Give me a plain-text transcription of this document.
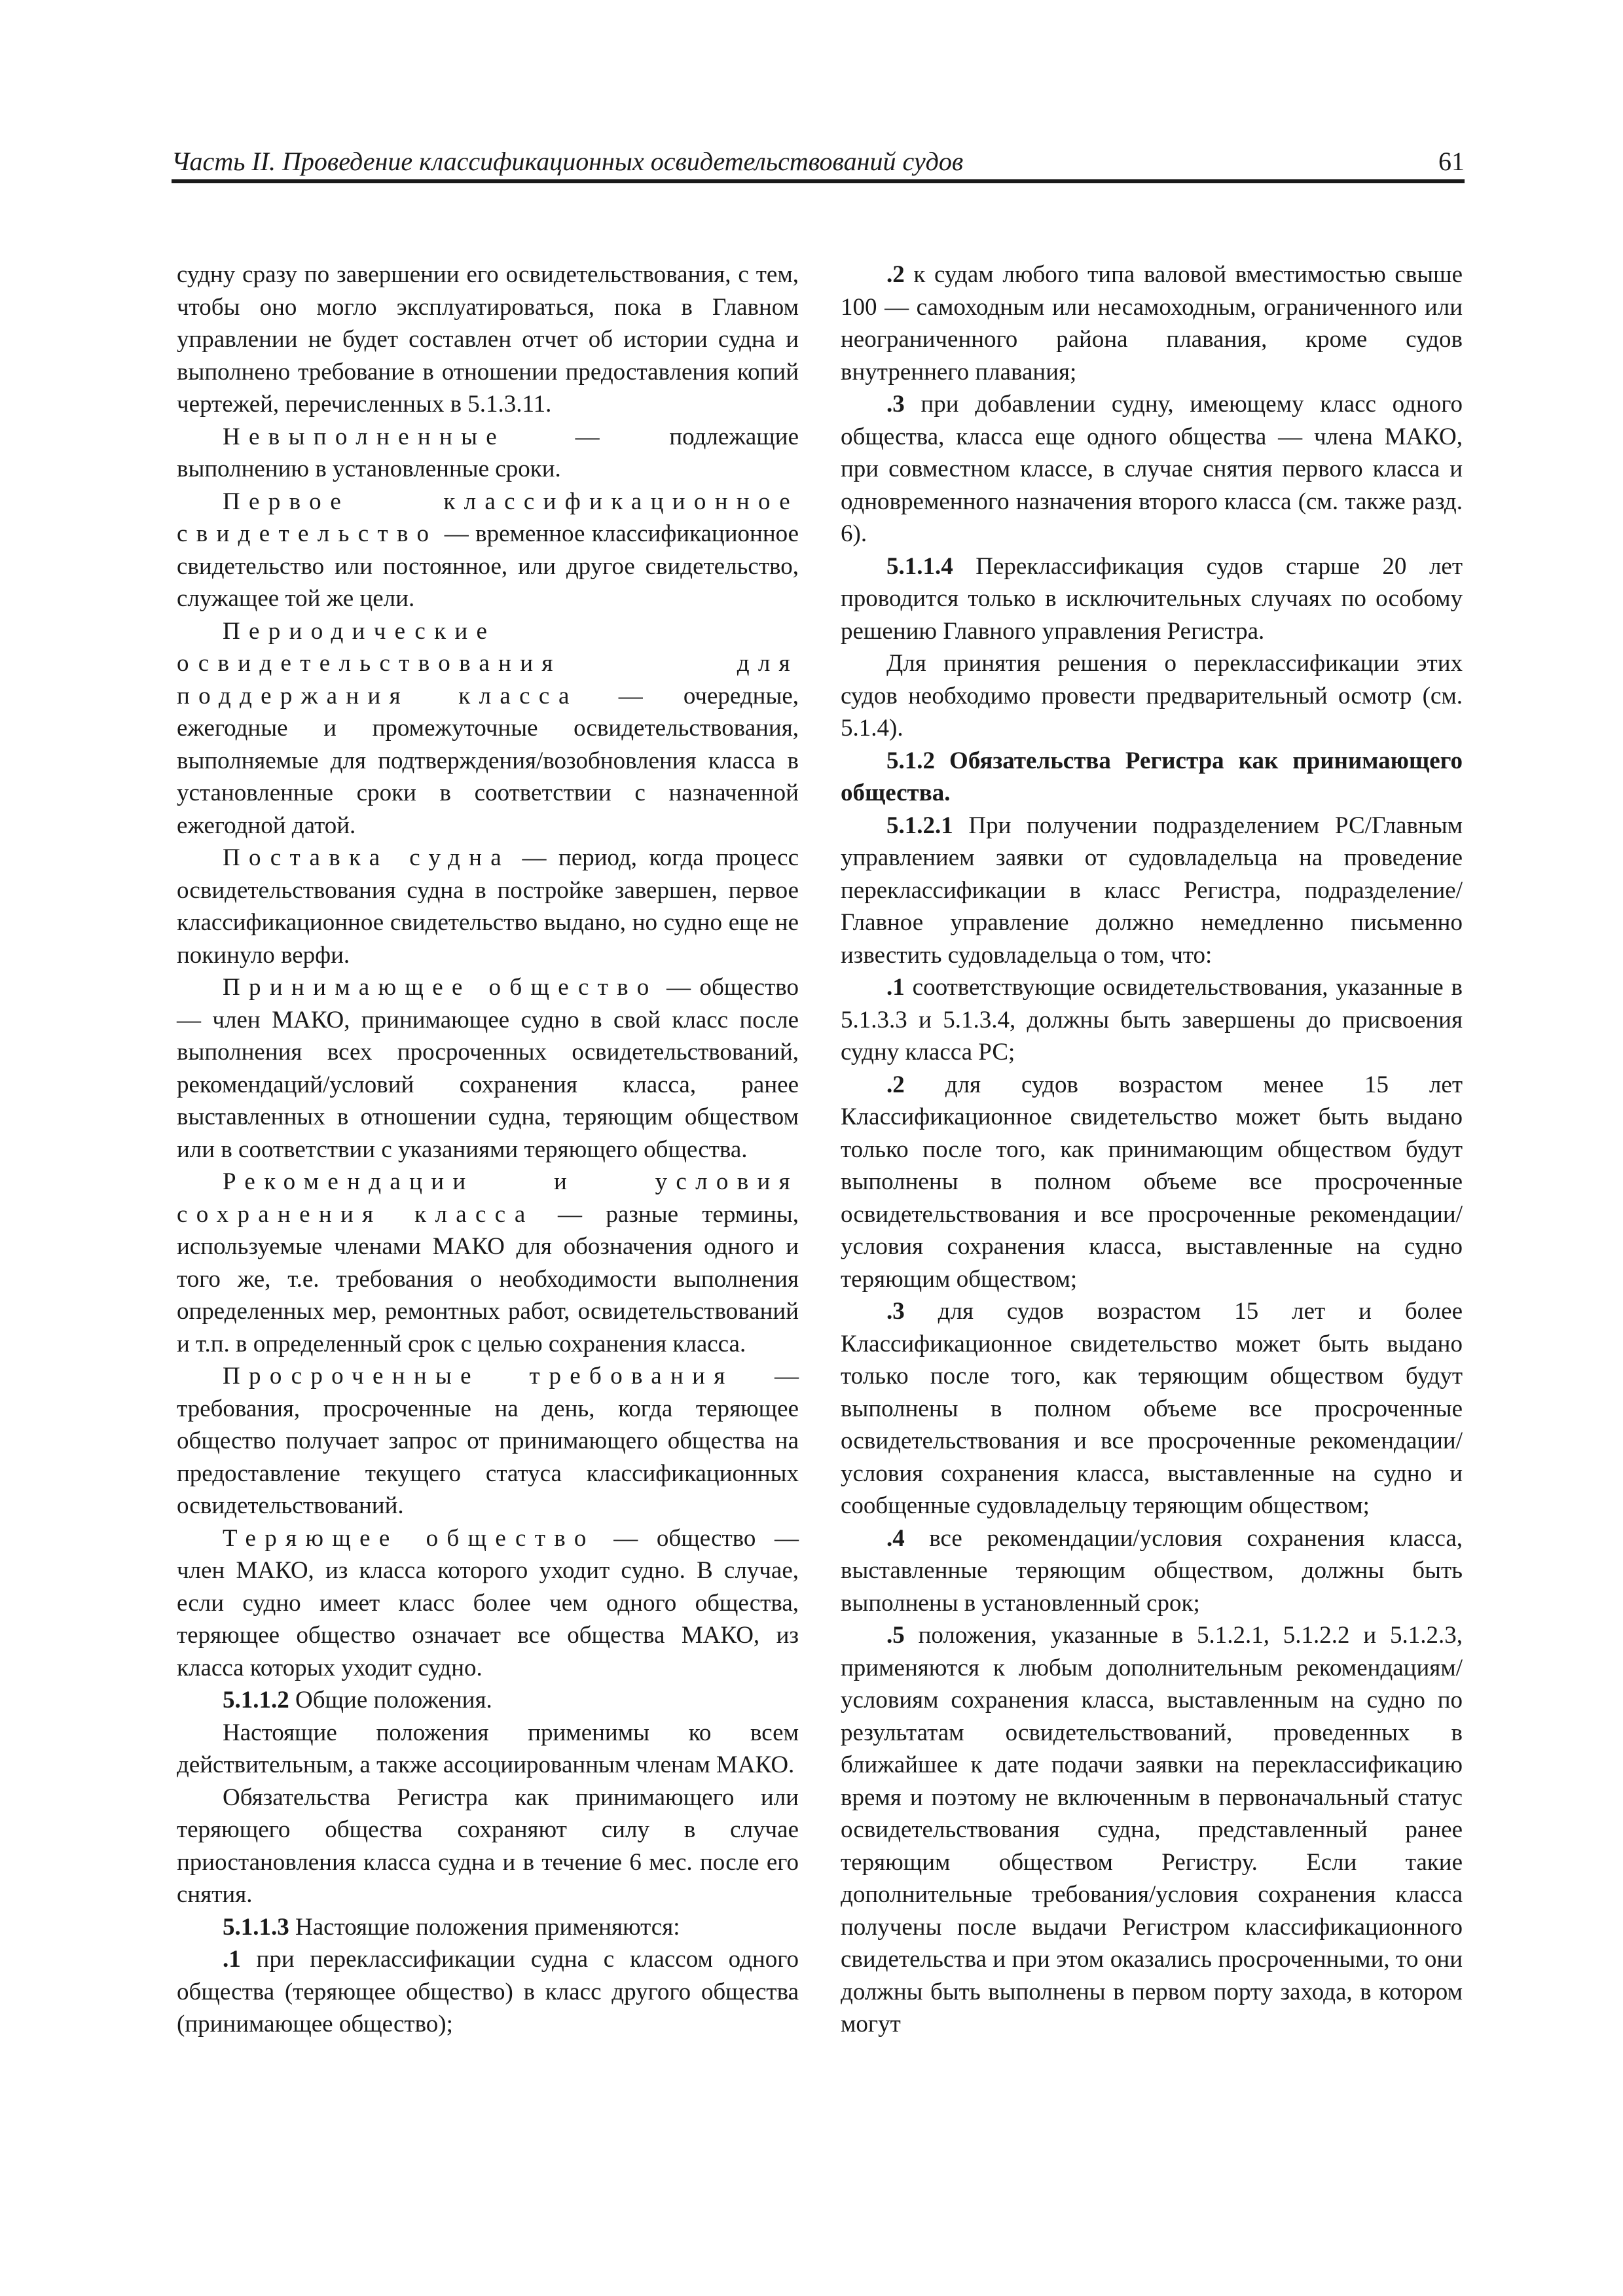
Часть II. Проведение классификационных освидетельствований судов	61

судну сразу по завершении его освидетельствования, с тем, чтобы оно могло эксплуатироваться, пока в Главном управлении не будет составлен отчет об истории судна и выполнено требование в отношении предоставления копий чертежей, перечисленных в 5.1.3.11.

Невыполненные — подлежащие выполнению в установленные сроки.

Первое классификационное свидетельство — временное классификационное свидетельство или постоянное, или другое свидетельство, служащее той же цели.

Периодические освидетельствования для поддержания класса — очередные, ежегодные и промежуточные освидетельствования, выполняемые для подтверждения/возобновления класса в установленные сроки в соответствии с назначенной ежегодной датой.

Поставка судна — период, когда процесс освидетельствования судна в постройке завершен, первое классификационное свидетельство выдано, но судно еще не покинуло верфи.

Принимающее общество — общество — член МАКО, принимающее судно в свой класс после выполнения всех просроченных освидетельствований, рекомендаций/условий сохранения класса, ранее выставленных в отношении судна, теряющим обществом или в соответствии с указаниями теряющего общества.

Рекомендации и условия сохранения класса — разные термины, используемые членами МАКО для обозначения одного и того же, т.е. требования о необходимости выполнения определенных мер, ремонтных работ, освидетельствований и т.п. в определенный срок с целью сохранения класса.

Просроченные требования — требования, просроченные на день, когда теряющее общество получает запрос от принимающего общества на предоставление текущего статуса классификационных освидетельствований.

Теряющее общество — общество — член МАКО, из класса которого уходит судно. В случае, если судно имеет класс более чем одного общества, теряющее общество означает все общества МАКО, из класса которых уходит судно.

5.1.1.2 Общие положения.

Настоящие положения применимы ко всем действительным, а также ассоциированным членам МАКО.

Обязательства Регистра как принимающего или теряющего общества сохраняют силу в случае приостановления класса судна и в течение 6 мес. после его снятия.

5.1.1.3 Настоящие положения применяются:

.1 при переклассификации судна с классом одного общества (теряющее общество) в класс другого общества (принимающее общество);

.2 к судам любого типа валовой вместимостью свыше 100 — самоходным или несамоходным, ограниченного или неограниченного района плавания, кроме судов внутреннего плавания;

.3 при добавлении судну, имеющему класс одного общества, класса еще одного общества — члена МАКО, при совместном классе, в случае снятия первого класса и одновременного назначения второго класса (см. также разд. 6).

5.1.1.4 Переклассификация судов старше 20 лет проводится только в исключительных случаях по особому решению Главного управления Регистра.

Для принятия решения о переклассификации этих судов необходимо провести предварительный осмотр (см. 5.1.4).

5.1.2 Обязательства Регистра как принимающего общества.

5.1.2.1 При получении подразделением РС/Главным управлением заявки от судовладельца на проведение переклассификации в класс Регистра, подразделение/Главное управление должно немедленно письменно известить судовладельца о том, что:

.1 соответствующие освидетельствования, указанные в 5.1.3.3 и 5.1.3.4, должны быть завершены до присвоения судну класса РС;

.2 для судов возрастом менее 15 лет Классификационное свидетельство может быть выдано только после того, как принимающим обществом будут выполнены в полном объеме все просроченные освидетельствования и все просроченные рекомендации/условия сохранения класса, выставленные на судно теряющим обществом;

.3 для судов возрастом 15 лет и более Классификационное свидетельство может быть выдано только после того, как теряющим обществом будут выполнены в полном объеме все просроченные освидетельствования и все просроченные рекомендации/условия сохранения класса, выставленные на судно и сообщенные судовладельцу теряющим обществом;

.4 все рекомендации/условия сохранения класса, выставленные теряющим обществом, должны быть выполнены в установленный срок;

.5 положения, указанные в 5.1.2.1, 5.1.2.2 и 5.1.2.3, применяются к любым дополнительным рекомендациям/условиям сохранения класса, выставленным на судно по результатам освидетельствований, проведенных в ближайшее к дате подачи заявки на переклассификацию время и поэтому не включенным в первоначальный статус освидетельствования судна, представленный ранее теряющим обществом Регистру. Если такие дополнительные требования/условия сохранения класса получены после выдачи Регистром классификационного свидетельства и при этом оказались просроченными, то они должны быть выполнены в первом порту захода, в котором могут
